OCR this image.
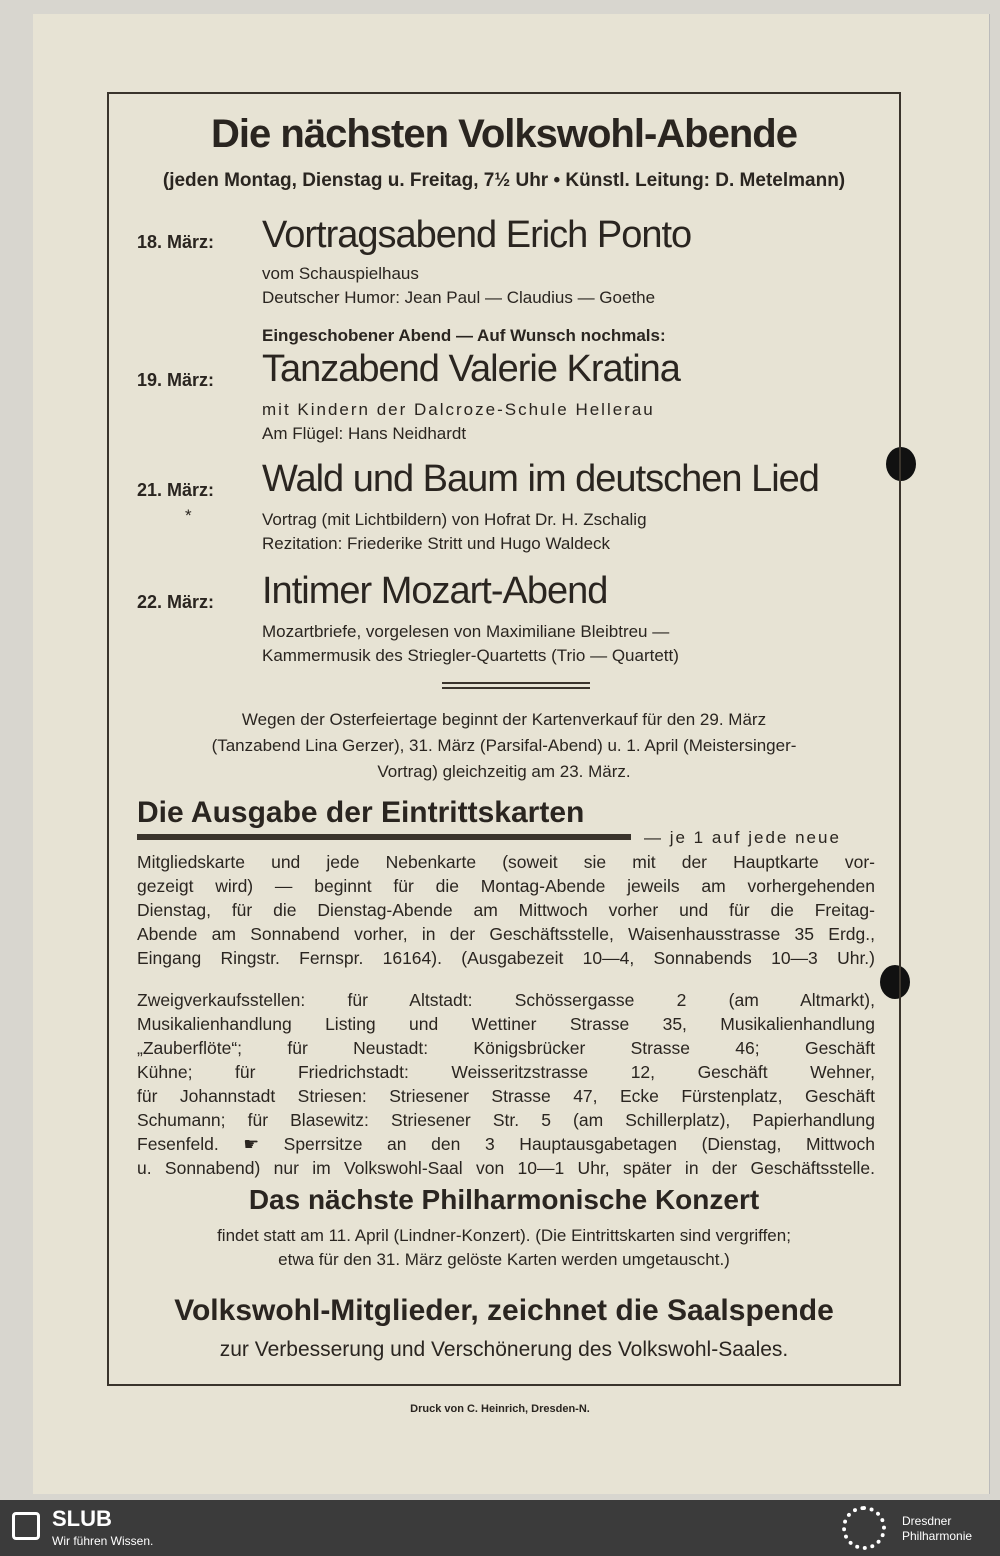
Die nächsten Volkswohl-Abende
(jeden Montag, Dienstag u. Freitag, 7½ Uhr • Künstl. Leitung: D. Metelmann)
18. März: Vortragsabend Erich Ponto
vom Schauspielhaus
Deutscher Humor: Jean Paul — Claudius — Goethe
Eingeschobener Abend — Auf Wunsch nochmals:
19. März: Tanzabend Valerie Kratina
mit Kindern der Dalcroze-Schule Hellerau
Am Flügel: Hans Neidhardt
21. März:
*
Wald und Baum im deutschen Lied
Vortrag (mit Lichtbildern) von Hofrat Dr. H. Zschalig
Rezitation: Friederike Stritt und Hugo Waldeck
22. März: Intimer Mozart-Abend
Mozartbriefe, vorgelesen von Maximiliane Bleibtreu —
Kammermusik des Striegler-Quartetts (Trio — Quartett)
Wegen der Osterfeiertage beginnt der Kartenverkauf für den 29. März
(Tanzabend Lina Gerzer), 31. März (Parsifal-Abend) u. 1. April (Meistersinger-
Vortrag) gleichzeitig am 23. März.
Die Ausgabe der Eintrittskarten
— je 1 auf jede neue
Mitgliedskarte und jede Nebenkarte (soweit sie mit der Hauptkarte vor-
gezeigt wird) — beginnt für die Montag-Abende jeweils am vorhergehenden
Dienstag, für die Dienstag-Abende am Mittwoch vorher und für die Freitag-
Abende am Sonnabend vorher, in der Geschäftsstelle, Waisenhausstrasse 35 Erdg.,
Eingang Ringstr. Fernspr. 16164). (Ausgabezeit 10—4, Sonnabends 10—3 Uhr.)
Zweigverkaufsstellen: für Altstadt: Schössergasse 2 (am Altmarkt),
Musikalienhandlung Listing und Wettiner Strasse 35, Musikalienhandlung
„Zauberflöte“; für Neustadt: Königsbrücker Strasse 46; Geschäft
Kühne; für Friedrichstadt: Weisseritzstrasse 12, Geschäft Wehner,
für Johannstadt Striesen: Striesener Strasse 47, Ecke Fürstenplatz, Geschäft
Schumann; für Blasewitz: Striesener Str. 5 (am Schillerplatz), Papierhandlung
Fesenfeld. ☛ Sperrsitze an den 3 Hauptausgabetagen (Dienstag, Mittwoch
u. Sonnabend) nur im Volkswohl-Saal von 10—1 Uhr, später in der Geschäftsstelle.
Das nächste Philharmonische Konzert
findet statt am 11. April (Lindner-Konzert). (Die Eintrittskarten sind vergriffen;
etwa für den 31. März gelöste Karten werden umgetauscht.)
Volkswohl-Mitglieder, zeichnet die Saalspende
zur Verbesserung und Verschönerung des Volkswohl-Saales.
Druck von C. Heinrich, Dresden-N.
SLUB
Wir führen Wissen.
Dresdner
Philharmonie
